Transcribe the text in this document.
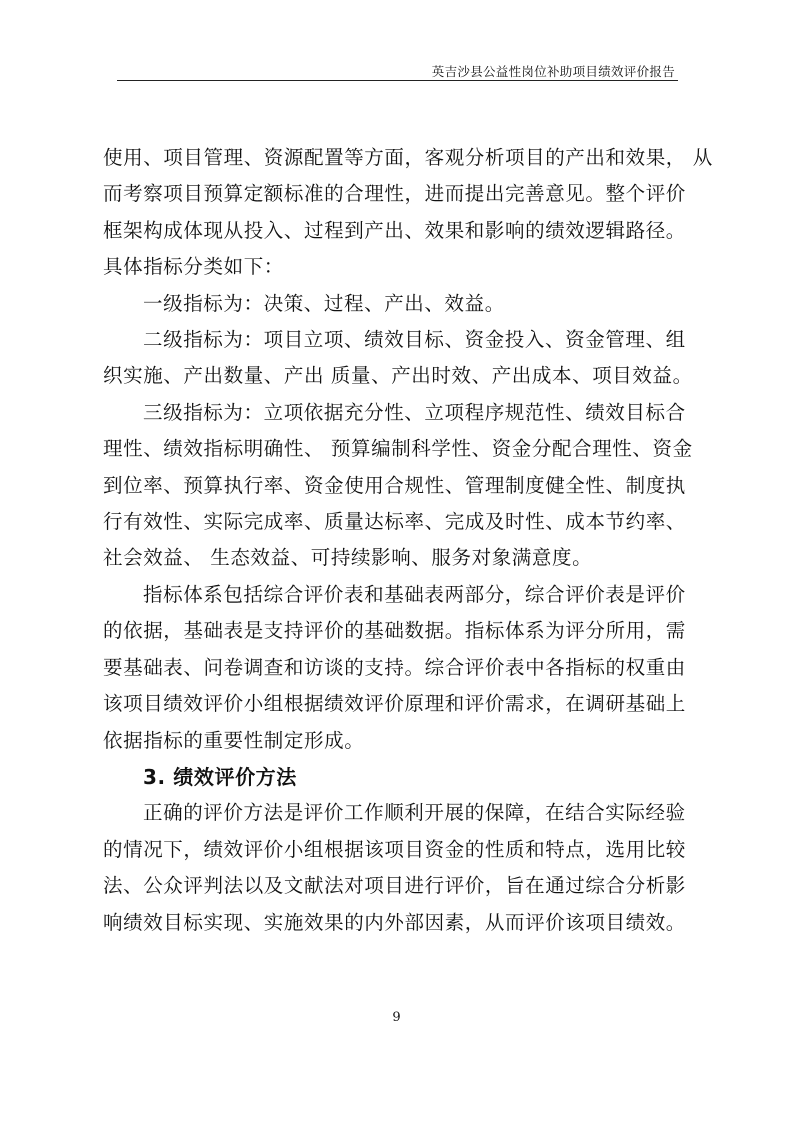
英吉沙县公益性岗位补助项目绩效评价报告

使用、项目管理、资源配置等方面，客观分析项目的产出和效果， 从
而考察项目预算定额标准的合理性，进而提出完善意见。整个评价
框架构成体现从投入、过程到产出、效果和影响的绩效逻辑路径。
具体指标分类如下：

一级指标为：决策、过程、产出、效益。

二级指标为：项目立项、绩效目标、资金投入、资金管理、组
织实施、产出数量、产出 质量、产出时效、产出成本、项目效益。

三级指标为：立项依据充分性、立项程序规范性、绩效目标合
理性、绩效指标明确性、 预算编制科学性、资金分配合理性、资金
到位率、预算执行率、资金使用合规性、管理制度健全性、制度执
行有效性、实际完成率、质量达标率、完成及时性、成本节约率、
社会效益、 生态效益、可持续影响、服务对象满意度。

指标体系包括综合评价表和基础表两部分，综合评价表是评价
的依据，基础表是支持评价的基础数据。指标体系为评分所用，需
要基础表、问卷调查和访谈的支持。综合评价表中各指标的权重由
该项目绩效评价小组根据绩效评价原理和评价需求，在调研基础上
依据指标的重要性制定形成。

3. 绩效评价方法

正确的评价方法是评价工作顺利开展的保障，在结合实际经验
的情况下，绩效评价小组根据该项目资金的性质和特点，选用比较
法、公众评判法以及文献法对项目进行评价，旨在通过综合分析影
响绩效目标实现、实施效果的内外部因素，从而评价该项目绩效。

9
